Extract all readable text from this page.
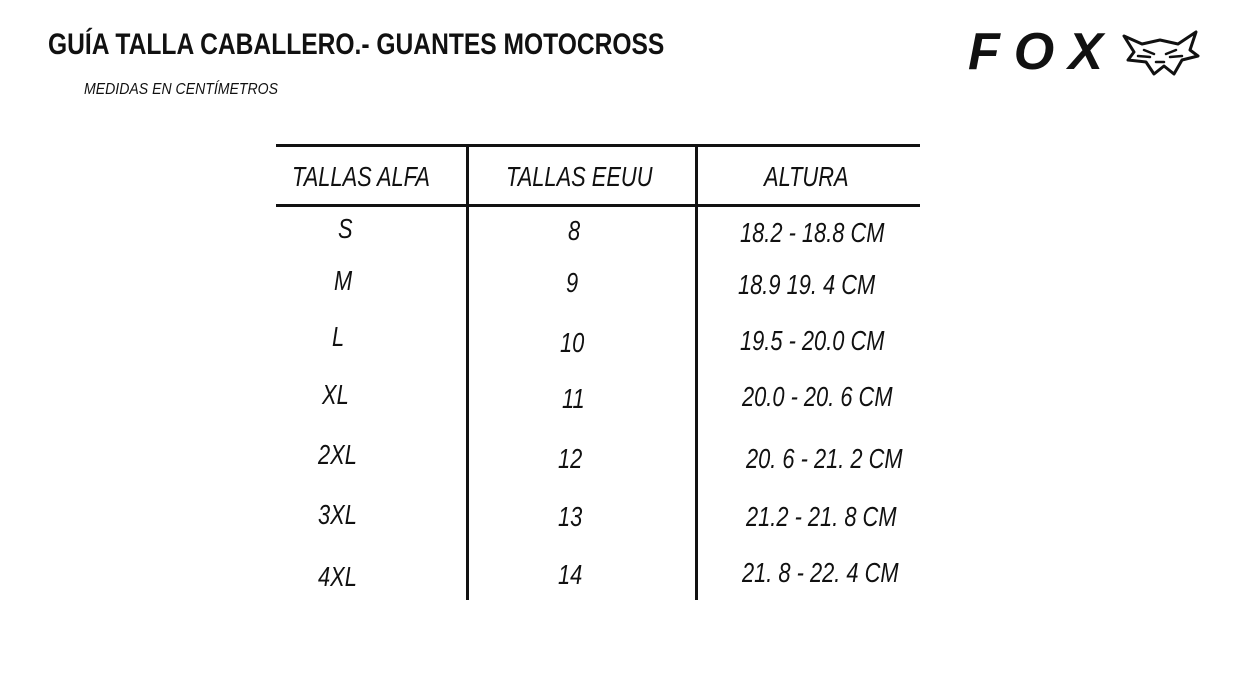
GUÍA TALLA CABALLERO.- GUANTES MOTOCROSS
MEDIDAS EN CENTÍMETROS
FOX
TALLAS ALFA	TALLAS EEUU	ALTURA
S	8	18.2 - 18.8 CM
M	9	18.9 19. 4 CM
L	10	19.5 - 20.0 CM
XL	11	20.0 - 20. 6 CM
2XL	12	20. 6 - 21. 2 CM
3XL	13	21.2 - 21. 8 CM
4XL	14	21. 8 - 22. 4 CM
